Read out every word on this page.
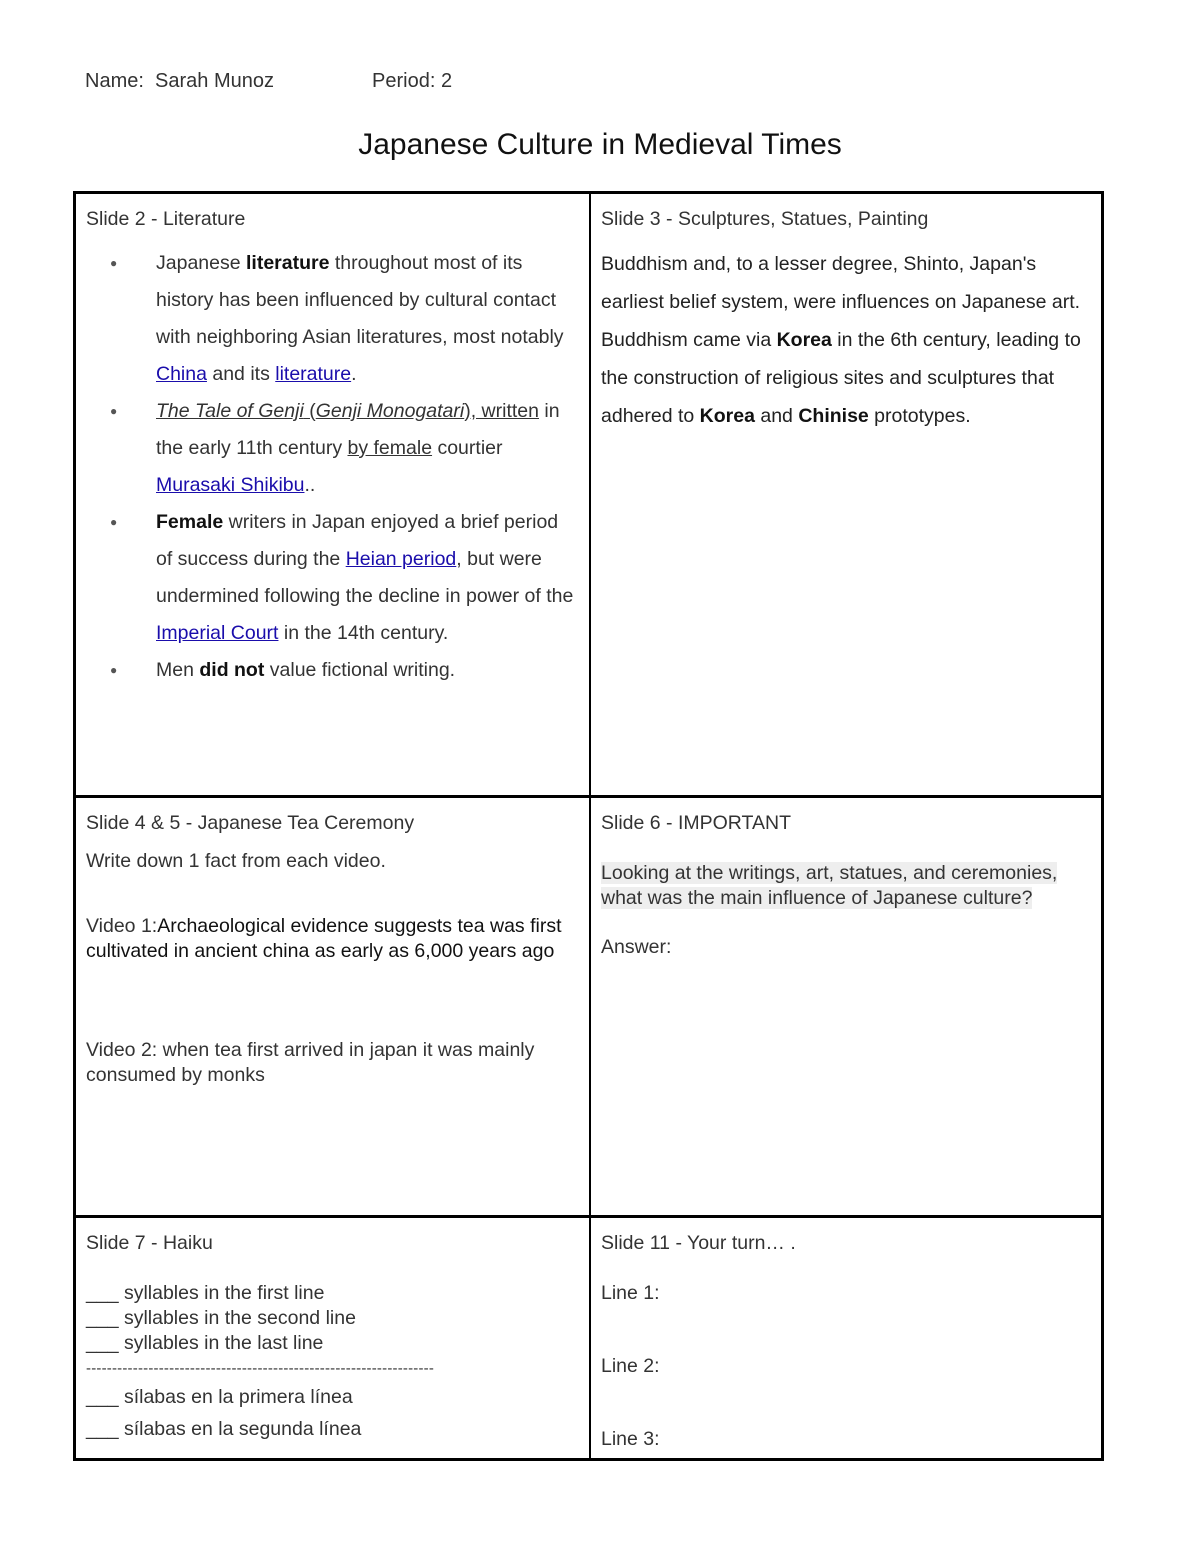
Name: Sarah Munoz	Period: 2
Japanese Culture in Medieval Times
Slide 2 - Literature
● Japanese literature throughout most of its history has been influenced by cultural contact with neighboring Asian literatures, most notably China and its literature.
● The Tale of Genji (Genji Monogatari), written in the early 11th century by female courtier Murasaki Shikibu..
● Female writers in Japan enjoyed a brief period of success during the Heian period, but were undermined following the decline in power of the Imperial Court in the 14th century.
● Men did not value fictional writing.
Slide 3 - Sculptures, Statues, Painting
Buddhism and, to a lesser degree, Shinto, Japan's earliest belief system, were influences on Japanese art. Buddhism came via Korea in the 6th century, leading to the construction of religious sites and sculptures that adhered to Korea and Chinise prototypes.
Slide 4 & 5 - Japanese Tea Ceremony
Write down 1 fact from each video.
Video 1:Archaeological evidence suggests tea was first cultivated in ancient china as early as 6,000 years ago
Video 2: when tea first arrived in japan it was mainly consumed by monks
Slide 6 - IMPORTANT
Looking at the writings, art, statues, and ceremonies, what was the main influence of Japanese culture?
Answer:
Slide 7 - Haiku
___ syllables in the first line
___ syllables in the second line
___ syllables in the last line
-------------------------------------------------------------------
___ sílabas en la primera línea
___ sílabas en la segunda línea
Slide 11 - Your turn… .
Line 1:
Line 2:
Line 3:
